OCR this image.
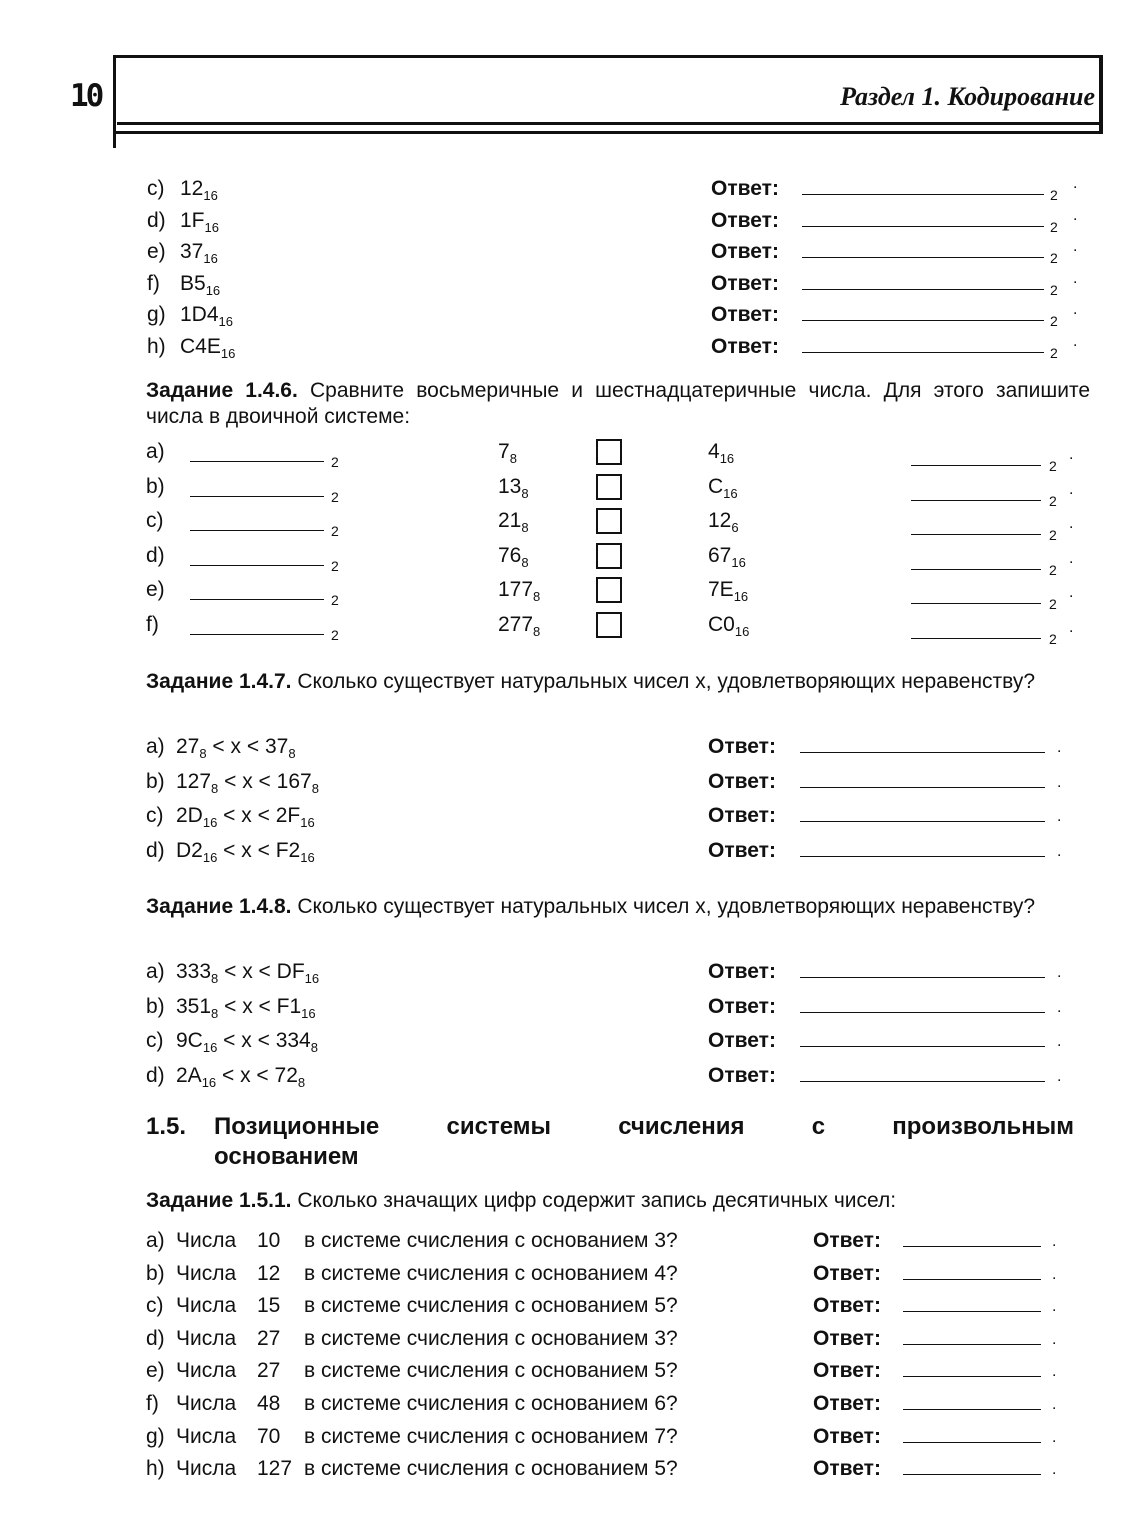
10	Раздел 1. Кодирование
c) $12_{16}$	Ответ:	2
.
d) $1F_{16}$	Ответ:	2
.
e) $37_{16}$	Ответ:	2
.
f) $B5_{16}$	Ответ:	2
.
g) $1D4_{16}$	Ответ:	2
.
h) $C4E_{16}$	Ответ:	2
.
Задание 1.4.6. Сравните восьмеричные и шестнадцатеричные числа. Для этого запишите числа в двоичной системе:
a)	2	$7_8$	$4_{16}$	2
.
b)	2	$13_8$	$C_{16}$	2
.
c)	2	$21_8$	$12_6$	2
.
d)	2	$76_8$	$67_{16}$	2
.
e)	2	$177_8$	$7E_{16}$	2
.
f)	2	$277_8$	$C0_{16}$	2
.
Задание 1.4.7. Сколько существует натуральных чисел x, удовлетворяющих неравенству?
a) $27_8 < x < 37_8$	Ответ:	.
b) $127_8 < x < 167_8$	Ответ:	.
c) $2D_{16} < x < 2F_{16}$	Ответ:	.
d) $D2_{16} < x < F2_{16}$	Ответ:	.
Задание 1.4.8. Сколько существует натуральных чисел x, удовлетворяющих неравенству?
a) $333_8 < x < DF_{16}$	Ответ:	.
b) $351_8 < x < F1_{16}$	Ответ:	.
c) $9C_{16} < x < 334_8$	Ответ:	.
d) $2A_{16} < x < 72_8$	Ответ:	.
1.5. Позиционные системы счисления с произвольным
основанием
Задание 1.5.1. Сколько значащих цифр содержит запись десятичных чисел:
a) Числа 10 в системе счисления с основанием 3?	Ответ:	.
b) Числа 12 в системе счисления с основанием 4?	Ответ:	.
c) Числа 15 в системе счисления с основанием 5?	Ответ:	.
d) Числа 27 в системе счисления с основанием 3?	Ответ:	.
e) Числа 27 в системе счисления с основанием 5?	Ответ:	.
f) Числа 48 в системе счисления с основанием 6?	Ответ:	.
g) Числа 70 в системе счисления с основанием 7?	Ответ:	.
h) Числа 127 в системе счисления с основанием 5?	Ответ:	.
